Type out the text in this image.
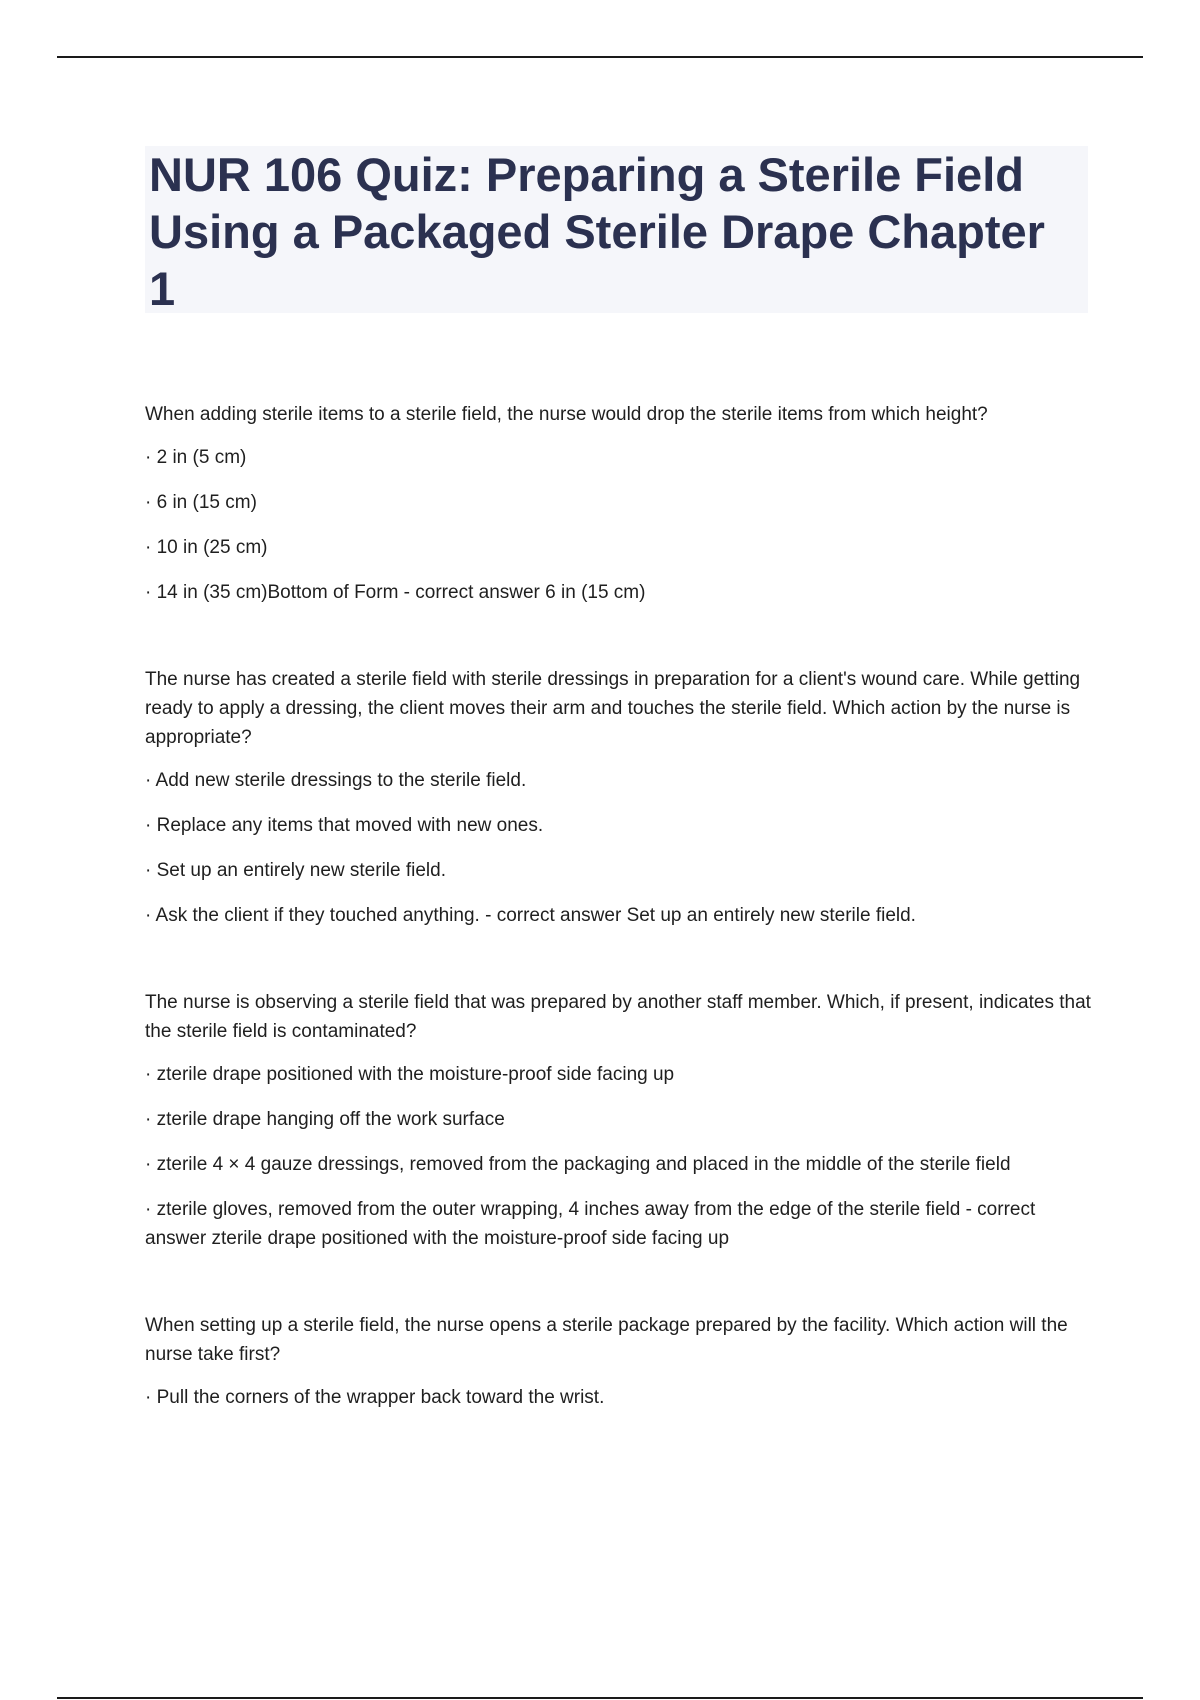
NUR 106 Quiz: Preparing a Sterile Field Using a Packaged Sterile Drape Chapter 1

When adding sterile items to a sterile field, the nurse would drop the sterile items from which height?

· 2 in (5 cm)

· 6 in (15 cm)

· 10 in (25 cm)

· 14 in (35 cm)Bottom of Form - correct answer 6 in (15 cm)

The nurse has created a sterile field with sterile dressings in preparation for a client's wound care. While getting ready to apply a dressing, the client moves their arm and touches the sterile field. Which action by the nurse is appropriate?

· Add new sterile dressings to the sterile field.

· Replace any items that moved with new ones.

· Set up an entirely new sterile field.

· Ask the client if they touched anything. - correct answer Set up an entirely new sterile field.

The nurse is observing a sterile field that was prepared by another staff member. Which, if present, indicates that the sterile field is contaminated?

· zterile drape positioned with the moisture-proof side facing up

· zterile drape hanging off the work surface

· zterile 4 × 4 gauze dressings, removed from the packaging and placed in the middle of the sterile field

· zterile gloves, removed from the outer wrapping, 4 inches away from the edge of the sterile field - correct answer zterile drape positioned with the moisture-proof side facing up

When setting up a sterile field, the nurse opens a sterile package prepared by the facility. Which action will the nurse take first?

· Pull the corners of the wrapper back toward the wrist.
